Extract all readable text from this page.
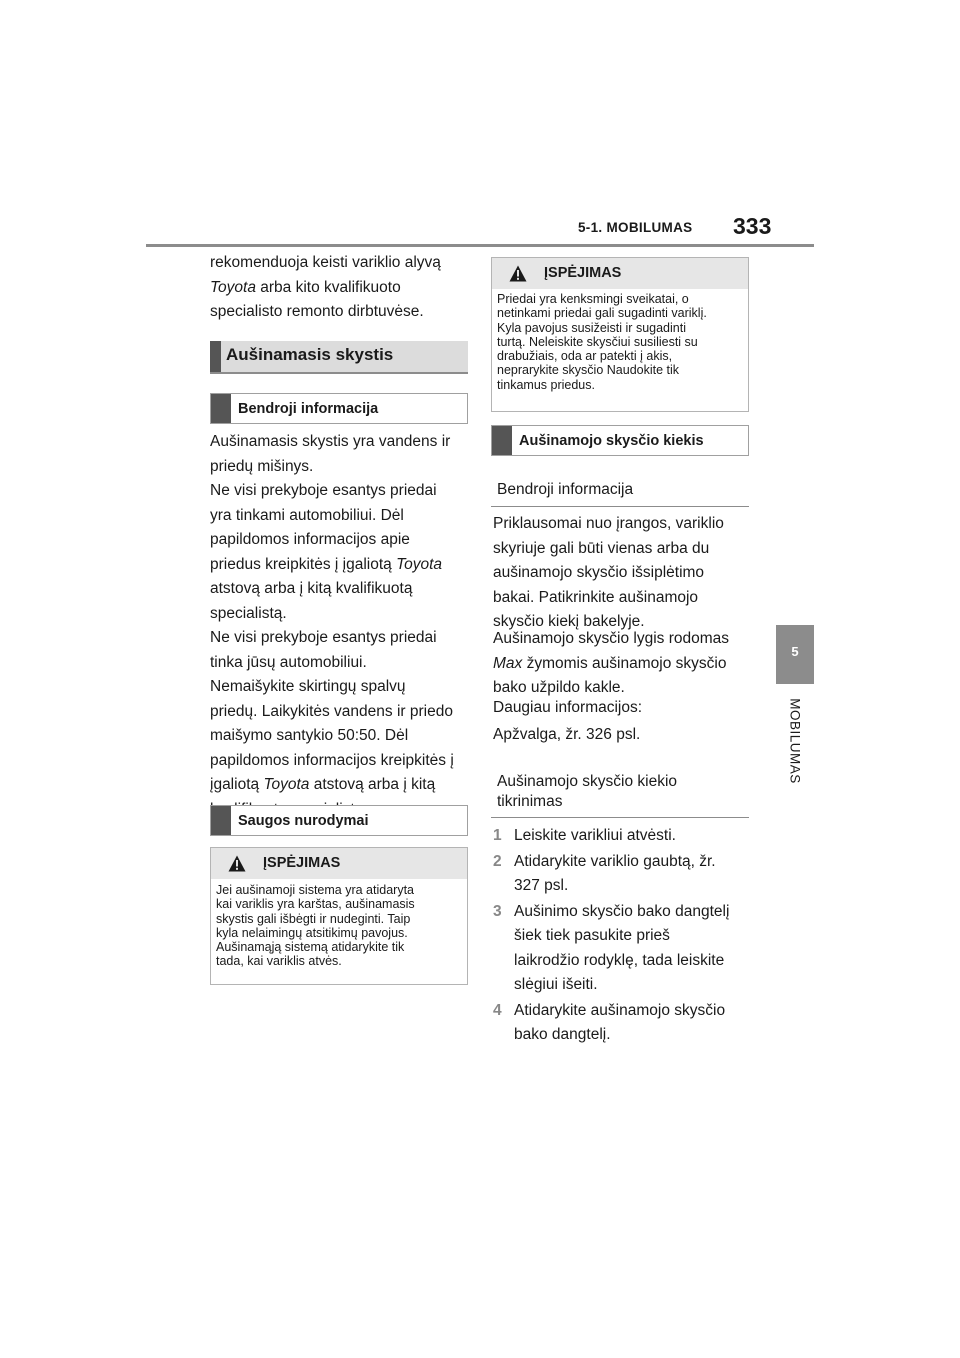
5-1. MOBILUMAS 333
5
MOBILUMAS
rekomenduoja keisti variklio alyvą
Toyota arba kito kvalifikuoto
specialisto remonto dirbtuvėse.
Aušinamasis skystis
Bendroji informacija
Aušinamasis skystis yra vandens ir
priedų mišinys.
Ne visi prekyboje esantys priedai
yra tinkami automobiliui. Dėl
papildomos informacijos apie
priedus kreipkitės į įgaliotą Toyota
atstovą arba į kitą kvalifikuotą
specialistą.
Ne visi prekyboje esantys priedai
tinka jūsų automobiliui.
Nemaišykite skirtingų spalvų
priedų. Laikykitės vandens ir priedo
maišymo santykio 50:50. Dėl
papildomos informacijos kreipkitės į
įgaliotą Toyota atstovą arba į kitą
Saugos nurodymai
ĮSPĖJIMAS
Jei aušinamoji sistema yra atidaryta
kai variklis yra karštas, aušinamasis
skystis gali išbėgti ir nudeginti. Taip
kyla nelaimingų atsitikimų pavojus.
Aušinamąją sistemą atidarykite tik
tada, kai variklis atvės.
ĮSPĖJIMAS
Priedai yra kenksmingi sveikatai, o
netinkami priedai gali sugadinti variklį.
Kyla pavojus susižeisti ir sugadinti
turtą. Neleiskite skysčiui susiliesti su
drabužiais, oda ar patekti į akis,
neprarykite skysčio Naudokite tik
tinkamus priedus.
Aušinamojo skysčio kiekis
Bendroji informacija
Priklausomai nuo įrangos, variklio
skyriuje gali būti vienas arba du
aušinamojo skysčio išsiplėtimo
bakai. Patikrinkite aušinamojo
skysčio kiekį bakelyje.
Aušinamojo skysčio lygis rodomas
Max žymomis aušinamojo skysčio
bako užpildo kakle.
Daugiau informacijos:
Apžvalga, žr. 326 psl.
Aušinamojo skysčio kiekio
tikrinimas
1 Leiskite varikliui atvėsti.
2 Atidarykite variklio gaubtą, žr.
327 psl.
3 Aušinimo skysčio bako dangtelį
šiek tiek pasukite prieš
laikrodžio rodyklę, tada leiskite
slėgiui išeiti.
4 Atidarykite aušinamojo skysčio
bako dangtelį.
